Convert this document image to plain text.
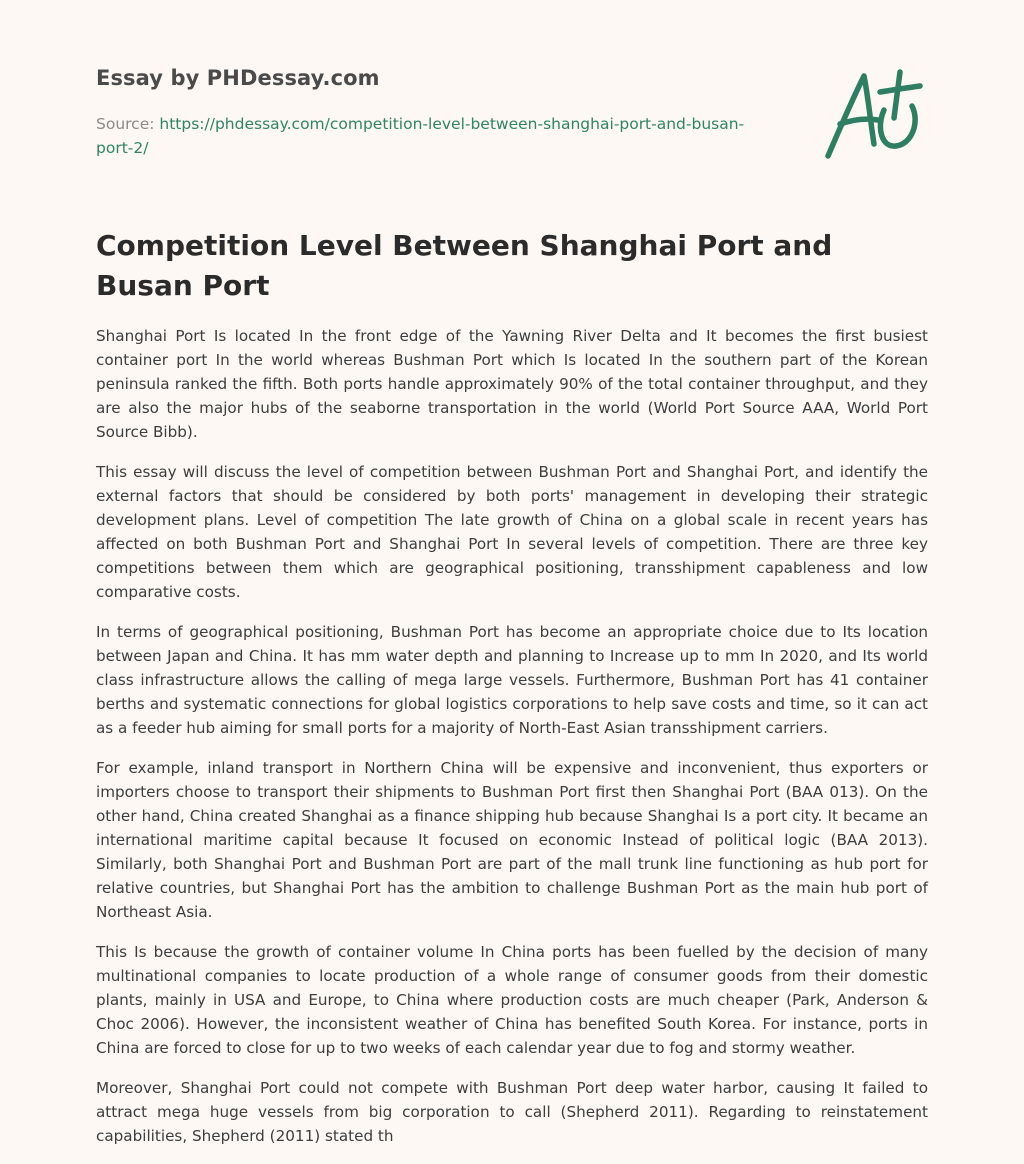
Essay by PHDessay.com
Source: https://phdessay.com/competition-level-between-shanghai-port-and-busan-port-2/
Competition Level Between Shanghai Port and Busan Port

Shanghai Port Is located In the front edge of the Yawning River Delta and It becomes the first busiest container port In the world whereas Bushman Port which Is located In the southern part of the Korean peninsula ranked the fifth. Both ports handle approximately 90% of the total container throughput, and they are also the major hubs of the seaborne transportation in the world (World Port Source AAA, World Port Source Bibb).

This essay will discuss the level of competition between Bushman Port and Shanghai Port, and identify the external factors that should be considered by both ports' management in developing their strategic development plans. Level of competition The late growth of China on a global scale in recent years has affected on both Bushman Port and Shanghai Port In several levels of competition. There are three key competitions between them which are geographical positioning, transshipment capableness and low comparative costs.

In terms of geographical positioning, Bushman Port has become an appropriate choice due to Its location between Japan and China. It has mm water depth and planning to Increase up to mm In 2020, and Its world class infrastructure allows the calling of mega large vessels. Furthermore, Bushman Port has 41 container berths and systematic connections for global logistics corporations to help save costs and time, so it can act as a feeder hub aiming for small ports for a majority of North-East Asian transshipment carriers.

For example, inland transport in Northern China will be expensive and inconvenient, thus exporters or importers choose to transport their shipments to Bushman Port first then Shanghai Port (BAA 013). On the other hand, China created Shanghai as a finance shipping hub because Shanghai Is a port city. It became an international maritime capital because It focused on economic Instead of political logic (BAA 2013). Similarly, both Shanghai Port and Bushman Port are part of the mall trunk line functioning as hub port for relative countries, but Shanghai Port has the ambition to challenge Bushman Port as the main hub port of Northeast Asia.

This Is because the growth of container volume In China ports has been fuelled by the decision of many multinational companies to locate production of a whole range of consumer goods from their domestic plants, mainly in USA and Europe, to China where production costs are much cheaper (Park, Anderson & Choc 2006). However, the inconsistent weather of China has benefited South Korea. For instance, ports in China are forced to close for up to two weeks of each calendar year due to fog and stormy weather.

Moreover, Shanghai Port could not compete with Bushman Port deep water harbor, causing It failed to attract mega huge vessels from big corporation to call (Shepherd 2011). Regarding to reinstatement capabilities, Shepherd (2011) stated th
